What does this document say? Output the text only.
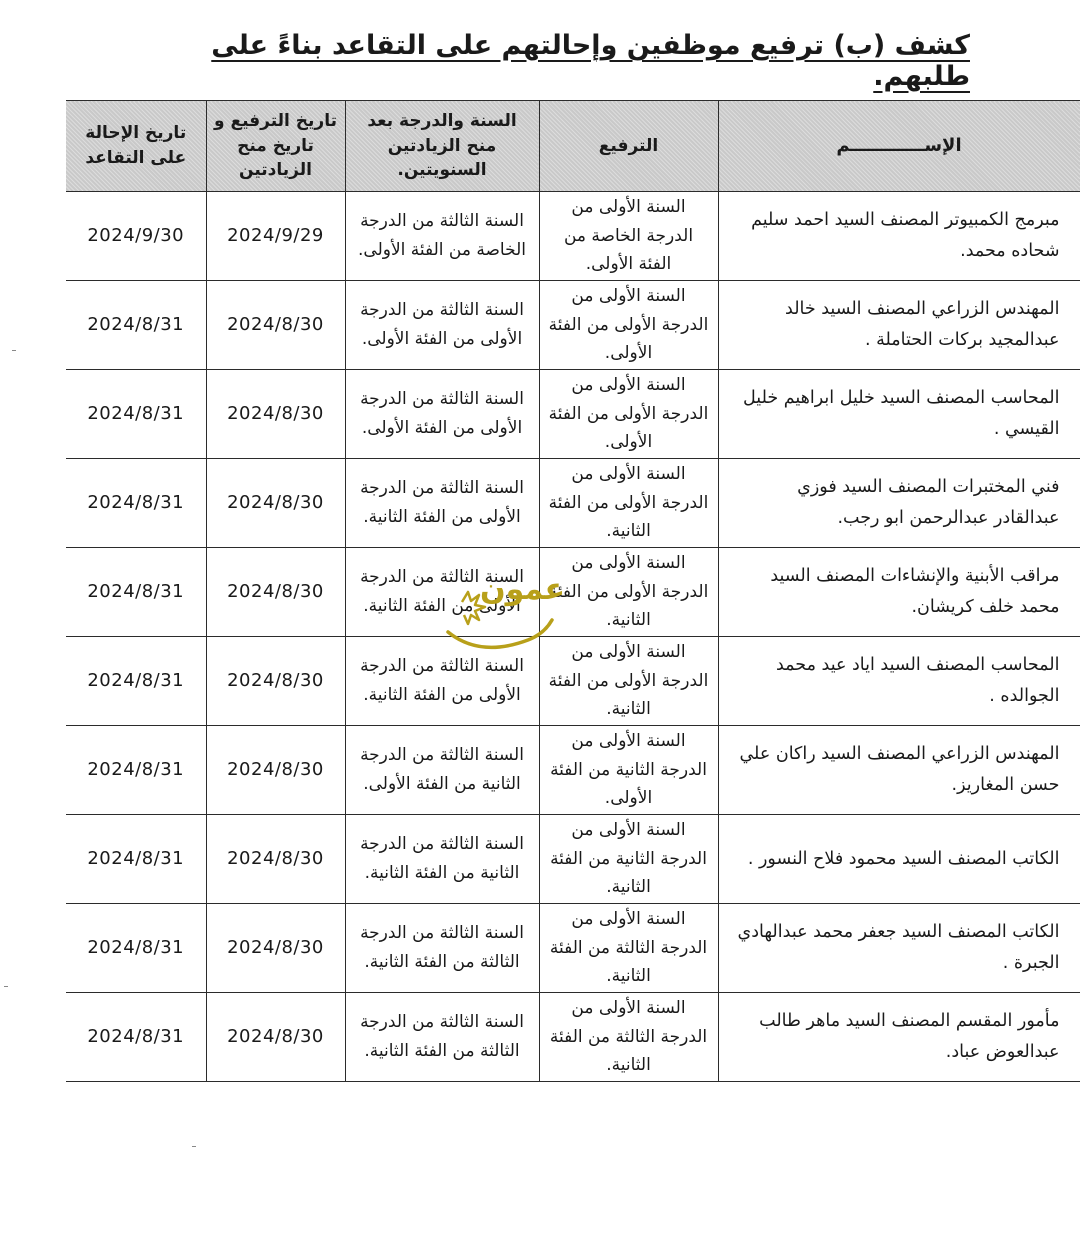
كشف (ب) ترفيع موظفين وإحالتهم على التقاعد بناءً على طلبهم.
	الإســــــــــــم	الترفيع	السنة والدرجة بعد منح الزيادتين السنويتين.	تاريخ الترفيع و تاريخ منح الزيادتين	تاريخ الإحالة على التقاعد
	مبرمج الكمبيوتر المصنف السيد احمد سليم شحاده محمد.	السنة الأولى من الدرجة الخاصة من الفئة الأولى.	السنة الثالثة من الدرجة الخاصة من الفئة الأولى.	2024/9/29	2024/9/30
	المهندس الزراعي المصنف السيد خالد عبدالمجيد بركات الحتاملة .	السنة الأولى من الدرجة الأولى من الفئة الأولى.	السنة الثالثة من الدرجة الأولى من الفئة الأولى.	2024/8/30	2024/8/31
	المحاسب المصنف السيد خليل ابراهيم خليل القيسي .	السنة الأولى من الدرجة الأولى من الفئة الأولى.	السنة الثالثة من الدرجة الأولى من الفئة الأولى.	2024/8/30	2024/8/31
	فني المختبرات المصنف السيد فوزي عبدالقادر عبدالرحمن ابو رجب.	السنة الأولى من الدرجة الأولى من الفئة الثانية.	السنة الثالثة من الدرجة الأولى من الفئة الثانية.	2024/8/30	2024/8/31
	مراقب الأبنية والإنشاءات المصنف السيد محمد خلف كريشان.	السنة الأولى من الدرجة الأولى من الفئة الثانية.	السنة الثالثة من الدرجة الأولى من الفئة الثانية.	2024/8/30	2024/8/31
	المحاسب المصنف السيد اياد عيد محمد الجوالده .	السنة الأولى من الدرجة الأولى من الفئة الثانية.	السنة الثالثة من الدرجة الأولى من الفئة الثانية.	2024/8/30	2024/8/31
	المهندس الزراعي المصنف السيد راكان علي حسن المغاريز.	السنة الأولى من الدرجة الثانية من الفئة الأولى.	السنة الثالثة من الدرجة الثانية من الفئة الأولى.	2024/8/30	2024/8/31
	الكاتب المصنف السيد محمود فلاح النسور .	السنة الأولى من الدرجة الثانية من الفئة الثانية.	السنة الثالثة من الدرجة الثانية من الفئة الثانية.	2024/8/30	2024/8/31
	الكاتب المصنف السيد جعفر محمد عبدالهادي الجبرة .	السنة الأولى من الدرجة الثالثة من الفئة الثانية.	السنة الثالثة من الدرجة الثالثة من الفئة الثانية.	2024/8/30	2024/8/31
	مأمور المقسم المصنف السيد ماهر طالب عبدالعوض عباد.	السنة الأولى من الدرجة الثالثة من الفئة الثانية.	السنة الثالثة من الدرجة الثالثة من الفئة الثانية.	2024/8/30	2024/8/31
عمون
